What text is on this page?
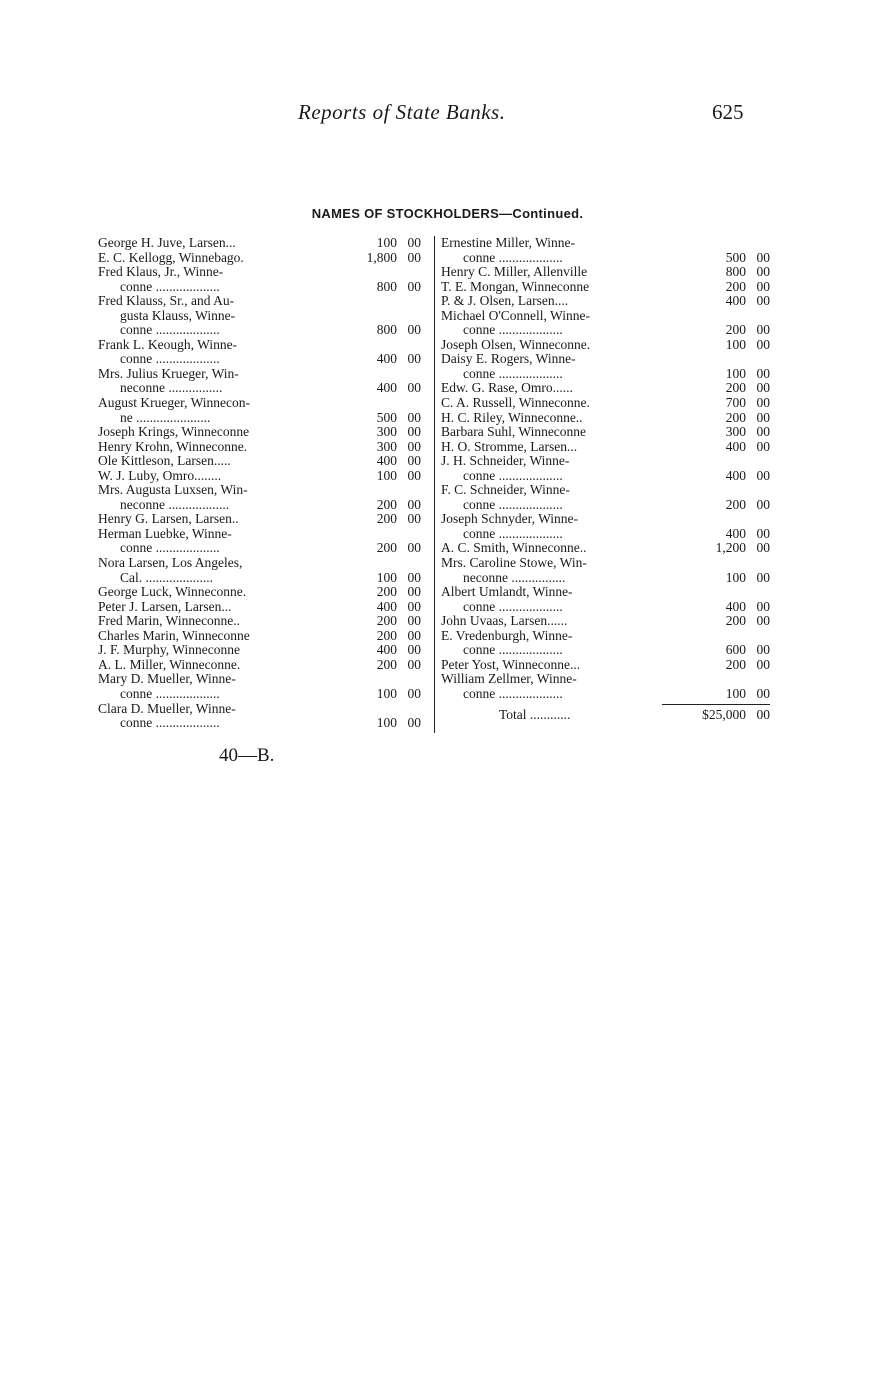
Reports of State Banks.	625
NAMES OF STOCKHOLDERS—Continued.
George H. Juve, Larsen...	100 00
E. C. Kellogg, Winnebago.	1,800 00
Fred Klaus, Jr., Winne-
conne ...................	800 00
Fred Klauss, Sr., and Au-
gusta Klauss, Winne-
conne ...................	800 00
Frank L. Keough, Winne-
conne ...................	400 00
Mrs. Julius Krueger, Win-
neconne ................	400 00
August Krueger, Winnecon-
ne ......................	500 00
Joseph Krings, Winneconne	300 00
Henry Krohn, Winneconne.	300 00
Ole Kittleson, Larsen.....	400 00
W. J. Luby, Omro........	100 00
Mrs. Augusta Luxsen, Win-
neconne ..................	200 00
Henry G. Larsen, Larsen..	200 00
Herman Luebke, Winne-
conne ...................	200 00
Nora Larsen, Los Angeles,
Cal. ....................	100 00
George Luck, Winneconne.	200 00
Peter J. Larsen, Larsen...	400 00
Fred Marin, Winneconne..	200 00
Charles Marin, Winneconne	200 00
J. F. Murphy, Winneconne	400 00
A. L. Miller, Winneconne.	200 00
Mary D. Mueller, Winne-
conne ...................	100 00
Clara D. Mueller, Winne-
conne ...................	100 00
Ernestine Miller, Winne-
conne ...................	500 00
Henry C. Miller, Allenville	800 00
T. E. Mongan, Winneconne	200 00
P. & J. Olsen, Larsen....	400 00
Michael O'Connell, Winne-
conne ...................	200 00
Joseph Olsen, Winneconne.	100 00
Daisy E. Rogers, Winne-
conne ...................	100 00
Edw. G. Rase, Omro......	200 00
C. A. Russell, Winneconne.	700 00
H. C. Riley, Winneconne..	200 00
Barbara Suhl, Winneconne	300 00
H. O. Stromme, Larsen...	400 00
J. H. Schneider, Winne-
conne ...................	400 00
F. C. Schneider, Winne-
conne ...................	200 00
Joseph Schnyder, Winne-
conne ...................	400 00
A. C. Smith, Winneconne..	1,200 00
Mrs. Caroline Stowe, Win-
neconne ................	100 00
Albert Umlandt, Winne-
conne ...................	400 00
John Uvaas, Larsen......	200 00
E. Vredenburgh, Winne-
conne ...................	600 00
Peter Yost, Winneconne...	200 00
William Zellmer, Winne-
conne ...................	100 00
Total ............	$25,000 00
40—B.
